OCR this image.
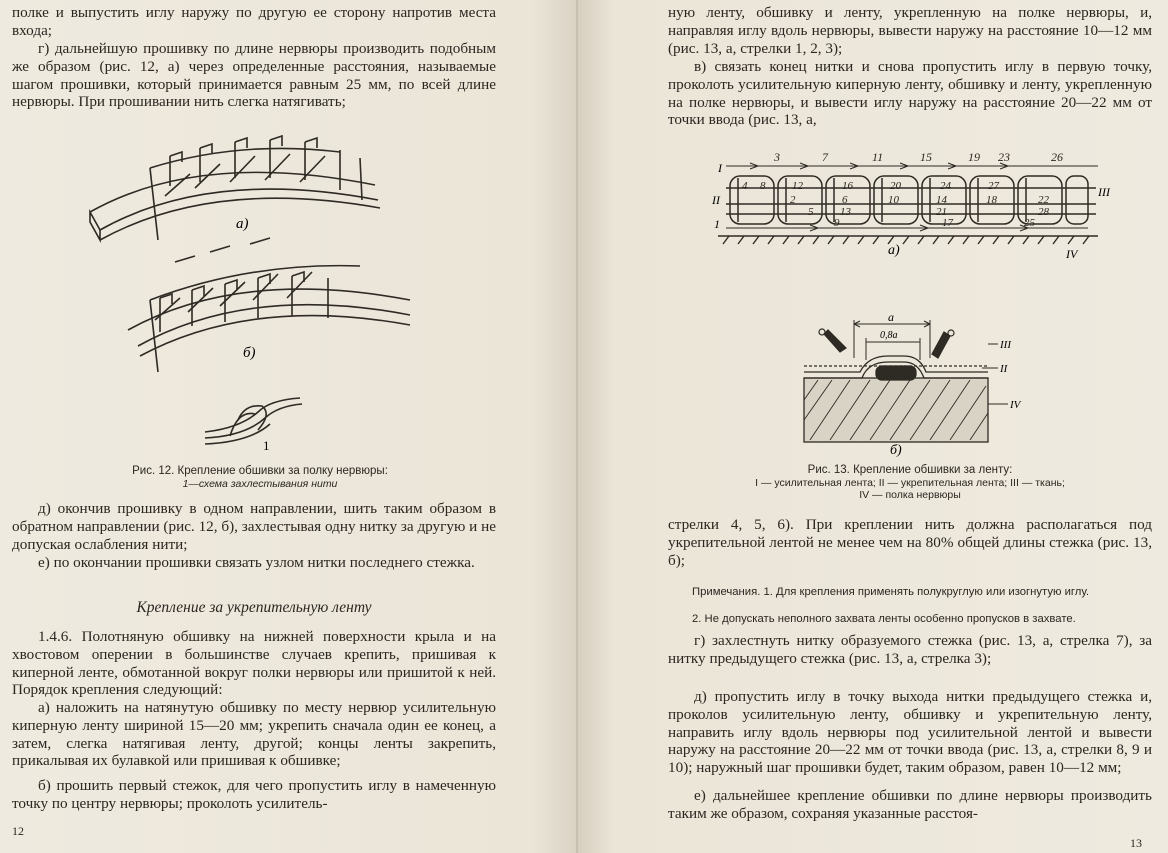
полке и выпустить иглу наружу по другую ее сторону напротив места входа;

г) дальнейшую прошивку по длине нервюры производить подобным же образом (рис. 12, а) через определенные расстояния, называемые шагом прошивки, который принимается равным 25 мм, по всей длине нервюры. При прошивании нить слегка натягивать;

а)
б)
1
Рис. 12. Крепление обшивки за полку нервюры:
1—схема захлестывания нити

д) окончив прошивку в одном направлении, шить таким образом в обратном направлении (рис. 12, б), захлестывая одну нитку за другую и не допуская ослабления нити;

е) по окончании прошивки связать узлом нитки последнего стежка.

Крепление за укрепительную ленту

1.4.6. Полотняную обшивку на нижней поверхности крыла и на хвостовом оперении в большинстве случаев крепить, пришивая к киперной ленте, обмотанной вокруг полки нервюры или пришитой к ней. Порядок крепления следующий:

а) наложить на натянутую обшивку по месту нервюр усилительную киперную ленту шириной 15—20 мм; укрепить сначала один ее конец, а затем, слегка натягивая ленту, другой; концы ленты закрепить, прикалывая их булавкой или пришивая к обшивке;

б) прошить первый стежок, для чего пропустить иглу в намеченную точку по центру нервюры; проколоть усилитель-

12

ную ленту, обшивку и ленту, укрепленную на полке нервюры, и, направляя иглу вдоль нервюры, вывести наружу на расстояние 10—12 мм (рис. 13, а, стрелки 1, 2, 3);

в) связать конец нитки и снова пропустить иглу в первую точку, проколоть усилительную киперную ленту, обшивку и ленту, укрепленную на полке нервюры, и вывести иглу наружу на расстояние 20—22 мм от точки ввода (рис. 13, а,

3	7	11	15	19 23	26
I
II
1
III
4 8 12	16	20	24	27
2	6	10	14	18	22
5 13	21	28
9	17	25
а)	IV
a
0,8a
III
II
IV
б)
Рис. 13. Крепление обшивки за ленту:
I — усилительная лента; II — укрепительная лента; III — ткань;
IV — полка нервюры

стрелки 4, 5, 6). При креплении нить должна располагаться под укрепительной лентой не менее чем на 80% общей длины стежка (рис. 13, б);

Примечания. 1. Для крепления применять полукруглую или изогнутую иглу.

2. Не допускать неполного захвата ленты особенно пропусков в захвате.

г) захлестнуть нитку образуемого стежка (рис. 13, а, стрелка 7), за нитку предыдущего стежка (рис. 13, а, стрелка 3);

д) пропустить иглу в точку выхода нитки предыдущего стежка и, проколов усилительную ленту, обшивку и укрепительную ленту, направить иглу вдоль нервюры под усилительной лентой и вывести наружу на расстояние 20—22 мм от точки ввода (рис. 13, а, стрелки 8, 9 и 10); наружный шаг прошивки будет, таким образом, равен 10—12 мм;

е) дальнейшее крепление обшивки по длине нервюры производить таким же образом, сохраняя указанные расстоя-

13
